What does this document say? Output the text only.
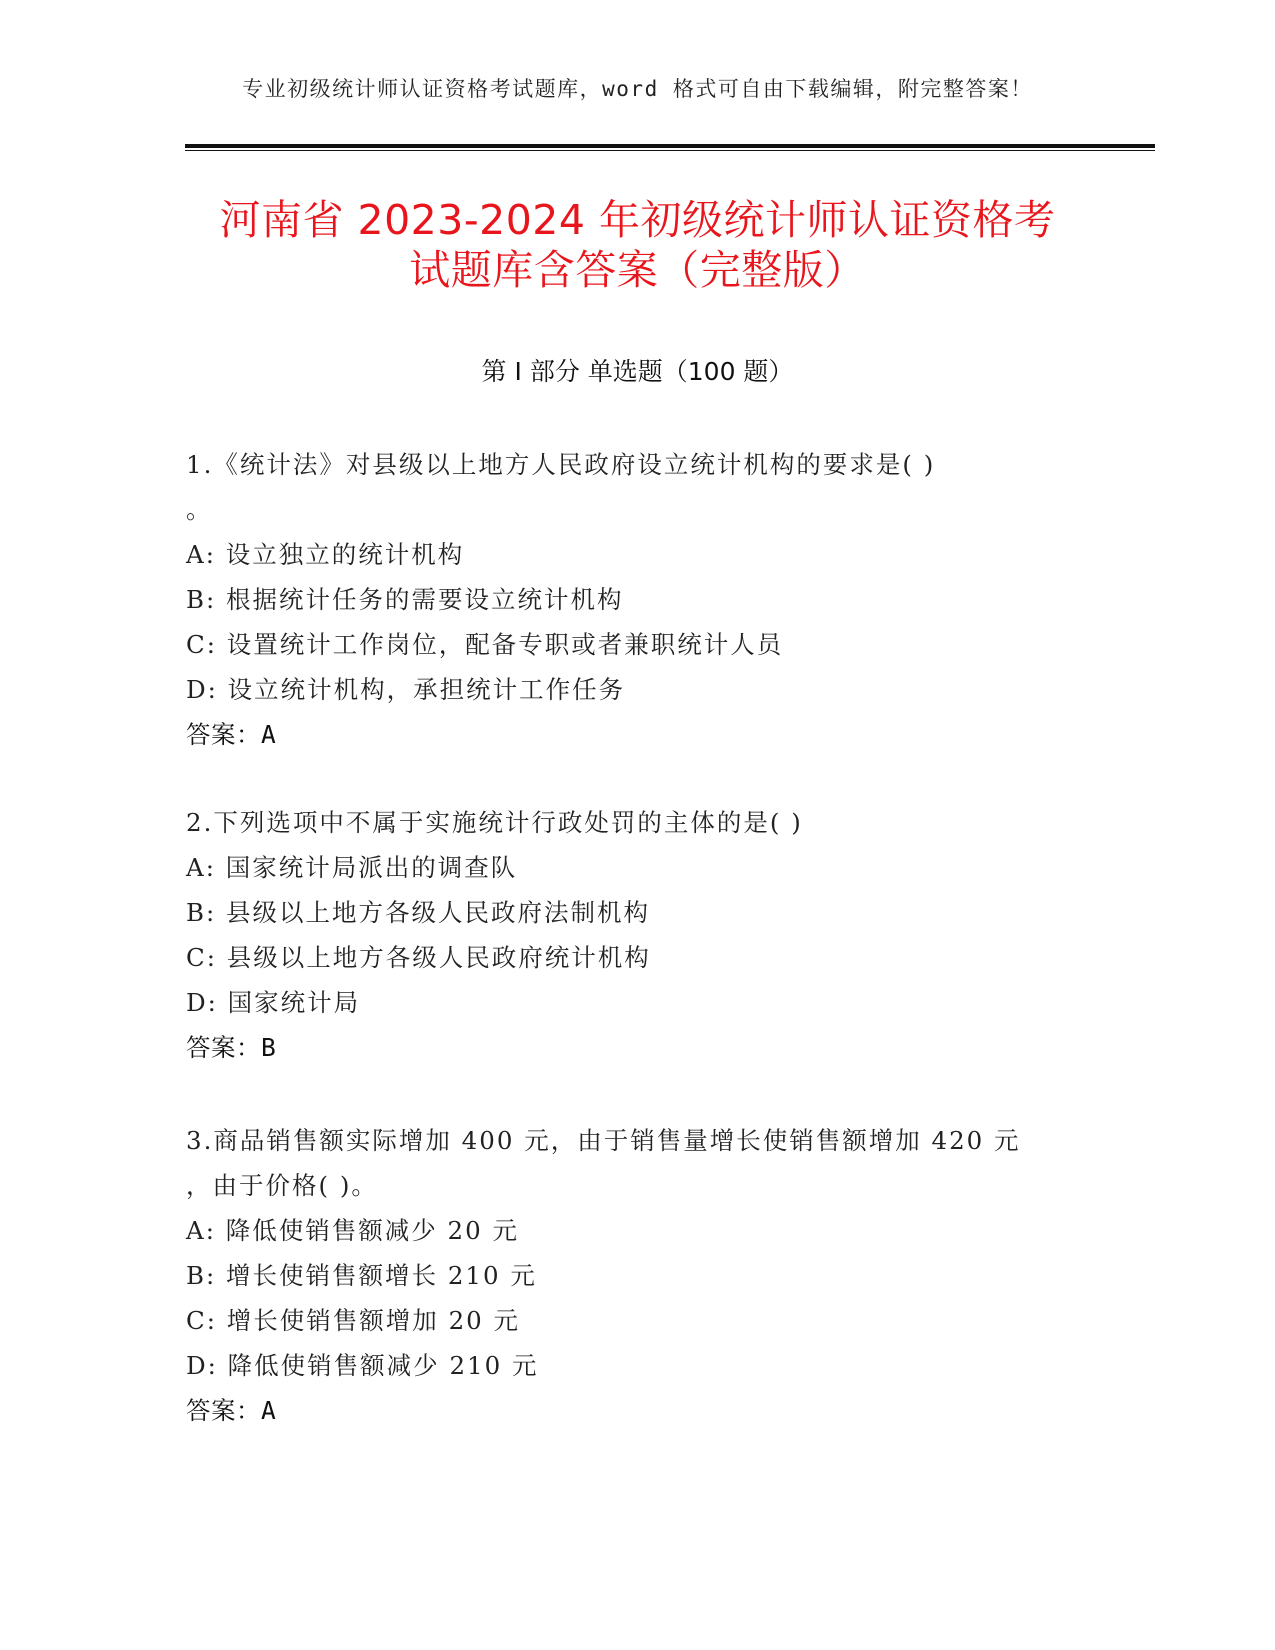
专业初级统计师认证资格考试题库，word 格式可自由下载编辑，附完整答案！
河南省 2023-2024 年初级统计师认证资格考
试题库含答案（完整版）
第 I 部分 单选题（100 题）
1.《统计法》对县级以上地方人民政府设立统计机构的要求是( )
。
A: 设立独立的统计机构
B: 根据统计任务的需要设立统计机构
C: 设置统计工作岗位，配备专职或者兼职统计人员
D: 设立统计机构，承担统计工作任务
答案：A
2.下列选项中不属于实施统计行政处罚的主体的是( )
A: 国家统计局派出的调查队
B: 县级以上地方各级人民政府法制机构
C: 县级以上地方各级人民政府统计机构
D: 国家统计局
答案：B
3.商品销售额实际增加 400 元，由于销售量增长使销售额增加 420 元
，由于价格( )。
A: 降低使销售额减少 20 元
B: 增长使销售额增长 210 元
C: 增长使销售额增加 20 元
D: 降低使销售额减少 210 元
答案：A
